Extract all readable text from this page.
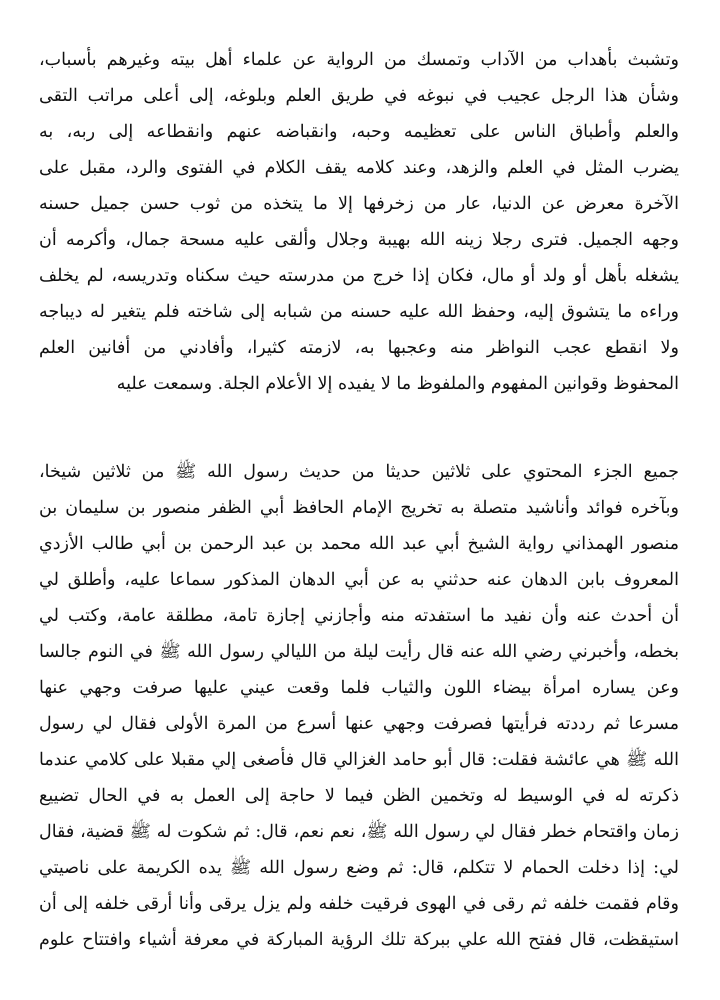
وتشبث بأهداب من الآداب وتمسك من الرواية عن علماء أهل بيته وغيرهم بأسباب،
وشأن هذا الرجل عجيب في نبوغه في طريق العلم وبلوغه، إلى أعلى مراتب التقى
والعلم وأطباق الناس على تعظيمه وحبه، وانقباضه عنهم وانقطاعه إلى ربه، به
يضرب المثل في العلم والزهد، وعند كلامه يقف الكلام في الفتوى والرد، مقبل على
الآخرة معرض عن الدنيا، عار من زخرفها إلا ما يتخذه من ثوب حسن جميل حسنه
وجهه الجميل. فترى رجلا زينه الله بهيبة وجلال وألقى عليه مسحة جمال، وأكرمه أن
يشغله بأهل أو ولد أو مال، فكان إذا خرج من مدرسته حيث سكناه وتدريسه، لم يخلف
وراءه ما يتشوق إليه، وحفظ الله عليه حسنه من شبابه إلى شاخته فلم يتغير له ديباجه
ولا انقطع عجب النواظر منه وعجبها به، لازمته كثيرا، وأفادني من أفانين العلم
المحفوظ وقوانين المفهوم والملفوظ ما لا يفيده إلا الأعلام الجلة. وسمعت عليه
جميع الجزء المحتوي على ثلاثين حديثا من حديث رسول الله ﷺ من ثلاثين شيخا،
وبآخره فوائد وأناشيد متصلة به تخريج الإمام الحافظ أبي الظفر منصور بن سليمان بن
منصور الهمذاني رواية الشيخ أبي عبد الله محمد بن عبد الرحمن بن أبي طالب الأزدي
المعروف بابن الدهان عنه حدثني به عن أبي الدهان المذكور سماعا عليه، وأطلق لي
أن أحدث عنه وأن نفيد ما استفدته منه وأجازني إجازة تامة، مطلقة عامة، وكتب لي
بخطه، وأخبرني رضي الله عنه قال رأيت ليلة من الليالي رسول الله ﷺ في النوم جالسا
وعن يساره امرأة بيضاء اللون والثياب فلما وقعت عيني عليها صرفت وجهي عنها
مسرعا ثم رددته فرأيتها فصرفت وجهي عنها أسرع من المرة الأولى فقال لي رسول
الله ﷺ هي عائشة فقلت: قال أبو حامد الغزالي قال فأصغى إلي مقبلا على كلامي عندما
ذكرته له في الوسيط له وتخمين الظن فيما لا حاجة إلى العمل به في الحال تضييع
زمان واقتحام خطر فقال لي رسول الله ﷺ، نعم نعم، قال: ثم شكوت له ﷺ قضية، فقال
لي: إذا دخلت الحمام لا تتكلم، قال: ثم وضع رسول الله ﷺ يده الكريمة على ناصيتي
وقام فقمت خلفه ثم رقى في الهوى فرقيت خلفه ولم يزل يرقى وأنا أرقى خلفه إلى أن
استيقظت، قال ففتح الله علي ببركة تلك الرؤية المباركة في معرفة أشياء وافتتاح علوم
